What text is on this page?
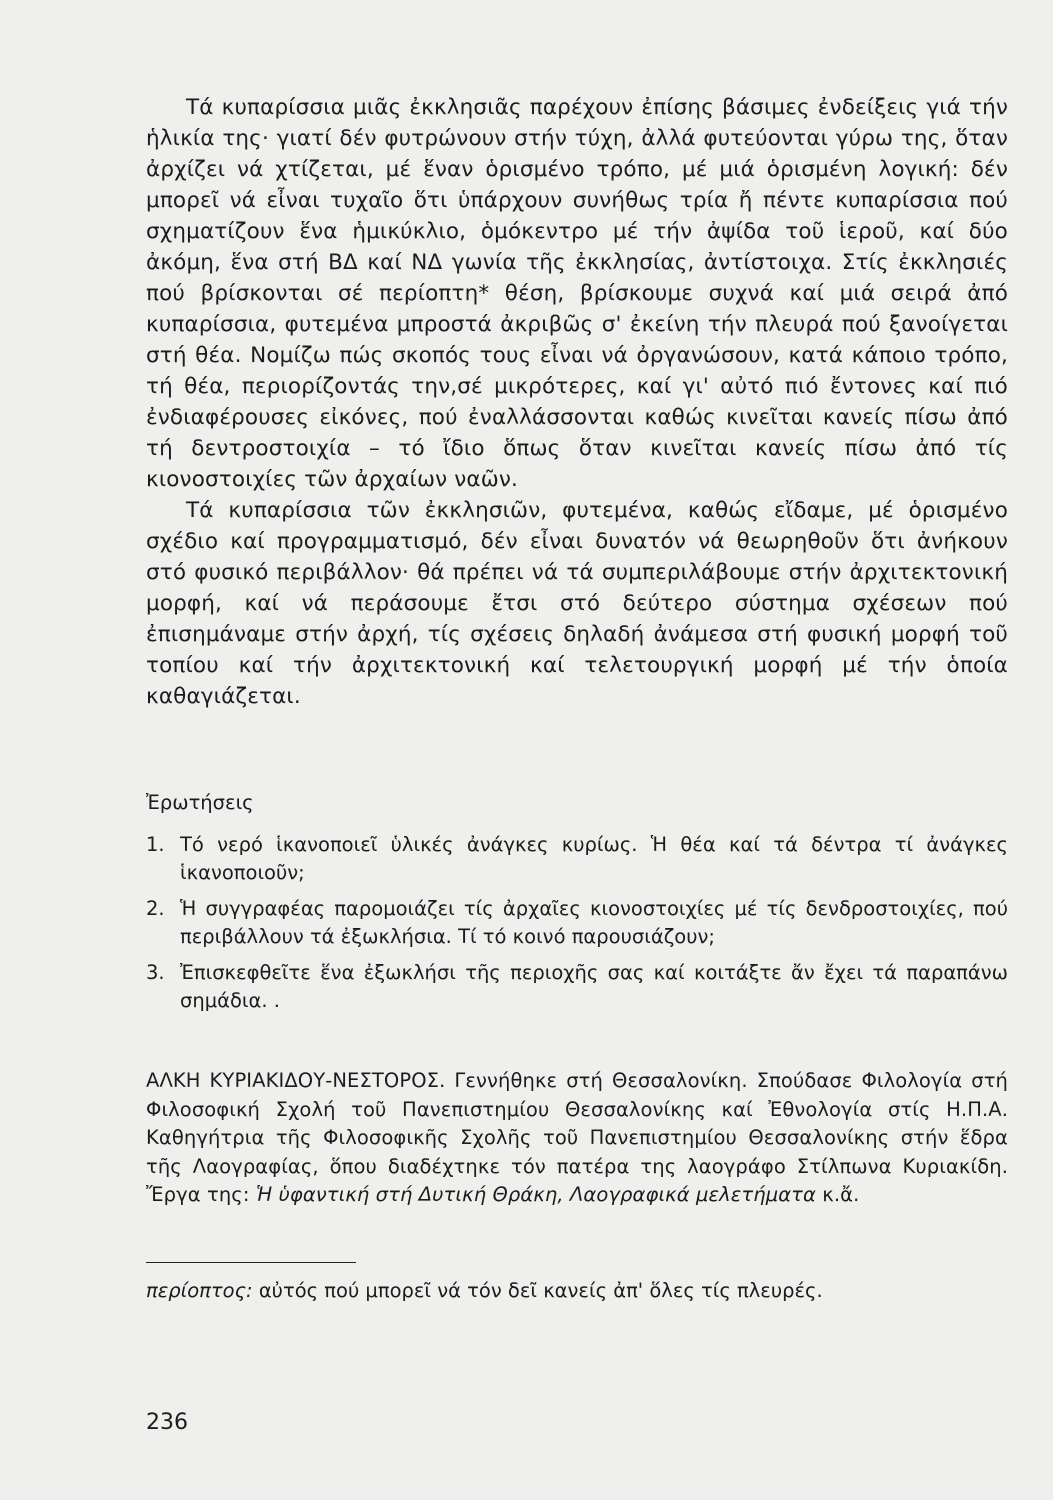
Τά κυπαρίσσια μιᾶς ἐκκλησιᾶς παρέχουν ἐπίσης βάσιμες ἐνδείξεις γιά τήν ἡλικία της· γιατί δέν φυτρώνουν στήν τύχη, ἀλλά φυτεύονται γύρω της, ὅταν ἀρχίζει νά χτίζεται, μέ ἕναν ὁρισμένο τρόπο, μέ μιά ὁρισμένη λογική: δέν μπορεῖ νά εἶναι τυχαῖο ὅτι ὑπάρχουν συνήθως τρία ἤ πέντε κυπαρίσσια πού σχηματίζουν ἕνα ἡμικύκλιο, ὁμόκεντρο μέ τήν ἀψίδα τοῦ ἱεροῦ, καί δύο ἀκόμη, ἕνα στή ΒΔ καί ΝΔ γωνία τῆς ἐκκλησίας, ἀντίστοιχα. Στίς ἐκκλησιές πού βρίσκονται σέ περίοπτη* θέση, βρίσκουμε συχνά καί μιά σειρά ἀπό κυπαρίσσια, φυτεμένα μπροστά ἀκριβῶς σ' ἐκείνη τήν πλευρά πού ξανοίγεται στή θέα. Νομίζω πώς σκοπός τους εἶναι νά ὀργανώσουν, κατά κάποιο τρόπο, τή θέα, περιορίζοντάς την,σέ μικρότερες, καί γι' αὐτό πιό ἔντονες καί πιό ἐνδιαφέρουσες εἰκόνες, πού ἐναλλάσσονται καθώς κινεῖται κανείς πίσω ἀπό τή δεντροστοιχία – τό ἴδιο ὅπως ὅταν κινεῖται κανείς πίσω ἀπό τίς κιονοστοιχίες τῶν ἀρχαίων ναῶν.

Τά κυπαρίσσια τῶν ἐκκλησιῶν, φυτεμένα, καθώς εἴδαμε, μέ ὁρισμένο σχέδιο καί προγραμματισμό, δέν εἶναι δυνατόν νά θεωρηθοῦν ὅτι ἀνήκουν στό φυσικό περιβάλλον· θά πρέπει νά τά συμπεριλάβουμε στήν ἀρχιτεκτονική μορφή, καί νά περάσουμε ἔτσι στό δεύτερο σύστημα σχέσεων πού ἐπισημάναμε στήν ἀρχή, τίς σχέσεις δηλαδή ἀνάμεσα στή φυσική μορφή τοῦ τοπίου καί τήν ἀρχιτεκτονική καί τελετουργική μορφή μέ τήν ὁποία καθαγιάζεται.

Ἐρωτήσεις

1. Τό νερό ἱκανοποιεῖ ὑλικές ἀνάγκες κυρίως. Ἡ θέα καί τά δέντρα τί ἀνάγκες ἱκανοποιοῦν;
2. Ἡ συγγραφέας παρομοιάζει τίς ἀρχαῖες κιονοστοιχίες μέ τίς δενδροστοιχίες, πού περιβάλλουν τά ἐξωκλήσια. Τί τό κοινό παρουσιάζουν;
3. Ἐπισκεφθεῖτε ἕνα ἐξωκλήσι τῆς περιοχῆς σας καί κοιτάξτε ἄν ἔχει τά παραπάνω σημάδια. .

ΑΛΚΗ ΚΥΡΙΑΚΙΔΟΥ-ΝΕΣΤΟΡΟΣ. Γεννήθηκε στή Θεσσαλονίκη. Σπούδασε Φιλολογία στή Φιλοσοφική Σχολή τοῦ Πανεπιστημίου Θεσσαλονίκης καί Ἐθνολογία στίς Η.Π.Α. Καθηγήτρια τῆς Φιλοσοφικῆς Σχολῆς τοῦ Πανεπιστημίου Θεσσαλονίκης στήν ἕδρα τῆς Λαογραφίας, ὅπου διαδέχτηκε τόν πατέρα της λαογράφο Στίλπωνα Κυριακίδη. Ἔργα της: Ἡ ὑφαντική στή Δυτική Θράκη, Λαογραφικά μελετήματα κ.ἄ.

περίοπτος: αὐτός πού μπορεῖ νά τόν δεῖ κανείς ἀπ' ὅλες τίς πλευρές.

236
